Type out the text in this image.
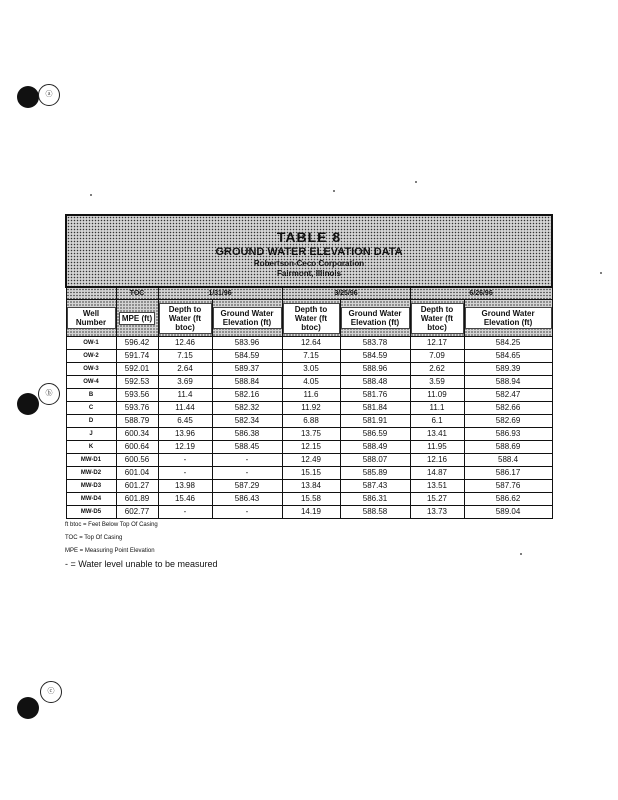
ⓐ
ⓑ
ⓒ
TABLE 8
GROUND WATER ELEVATION DATA
Robertson-Ceco Corporation
Fairmont, Illinois							

	TOC	1/31/96		3/25/96		6/26/96	
Well Number	MPE (ft)	Depth to Water (ft btoc)	Ground Water Elevation (ft)	Depth to Water (ft btoc)	Ground Water Elevation (ft)	Depth to Water (ft btoc)	Ground Water Elevation (ft)
OW-1	596.42	12.46	583.96	12.64	583.78	12.17	584.25
OW-2	591.74	7.15	584.59	7.15	584.59	7.09	584.65
OW-3	592.01	2.64	589.37	3.05	588.96	2.62	589.39
OW-4	592.53	3.69	588.84	4.05	588.48	3.59	588.94
B	593.56	11.4	582.16	11.6	581.76	11.09	582.47
C	593.76	11.44	582.32	11.92	581.84	11.1	582.66
D	588.79	6.45	582.34	6.88	581.91	6.1	582.69
J	600.34	13.96	586.38	13.75	586.59	13.41	586.93
K	600.64	12.19	588.45	12.15	588.49	11.95	588.69
MW-D1	600.56	-	-	12.49	588.07	12.16	588.4
MW-D2	601.04	-	-	15.15	585.89	14.87	586.17
MW-D3	601.27	13.98	587.29	13.84	587.43	13.51	587.76
MW-D4	601.89	15.46	586.43	15.58	586.31	15.27	586.62
MW-D5	602.77	-	-	14.19	588.58	13.73	589.04
ft btoc = Feet Below Top Of Casing
TOC = Top Of Casing
MPE = Measuring Point Elevation
- = Water level unable to be measured
